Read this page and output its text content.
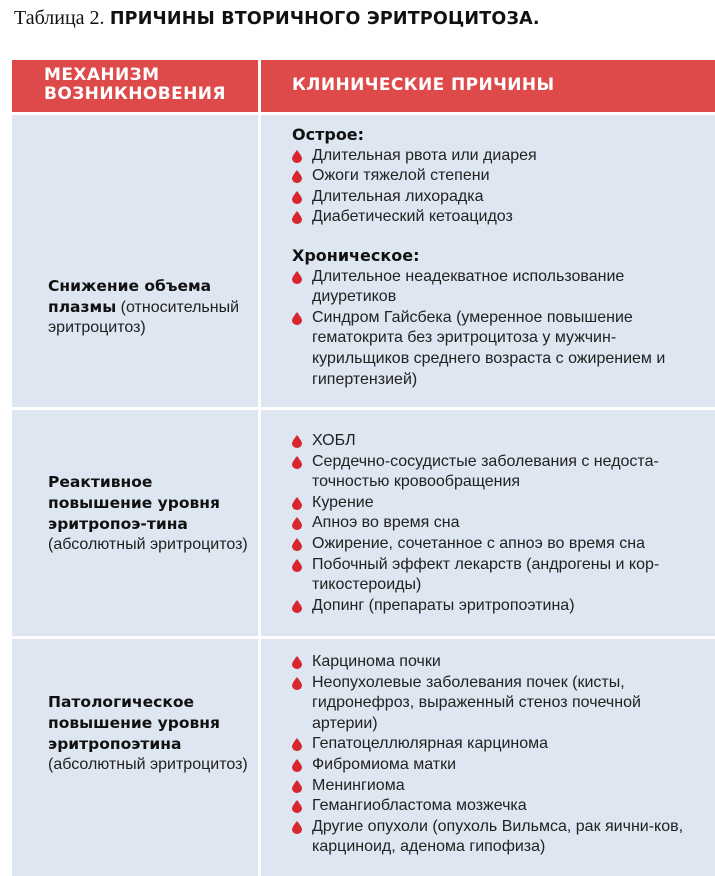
Таблица 2. ПРИЧИНЫ ВТОРИЧНОГО ЭРИТРОЦИТОЗА.
МЕХАНИЗМ
ВОЗНИКНОВЕНИЯ	КЛИНИЧЕСКИЕ ПРИЧИНЫ
Снижение объема плазмы (относительный эритроцитоз)
Острое:
Длительная рвота или диарея
Ожоги тяжелой степени
Длительная лихорадка
Диабетический кетоацидоз
Хроническое:
Длительное неадекватное использование диуретиков
Синдром Гайсбека (умеренное повышение гематокрита без эритроцитоза у мужчин-курильщиков среднего возраста с ожирением и гипертензией)
Реактивное повышение уровня эритропоэ-тина (абсолютный эритроцитоз)
ХОБЛ
Сердечно-сосудистые заболевания с недоста-точностью кровообращения
Курение
Апноэ во время сна
Ожирение, сочетанное с апноэ во время сна
Побочный эффект лекарств (андрогены и кор-тикостероиды)
Допинг (препараты эритропоэтина)
Патологическое повышение уровня эритропоэтина
(абсолютный эритроцитоз)
Карцинома почки
Неопухолевые заболевания почек (кисты, гидронефроз, выраженный стеноз почечной артерии)
Гепатоцеллюлярная карцинома
Фибромиома матки
Менингиома
Гемангиобластома мозжечка
Другие опухоли (опухоль Вильмса, рак яични-ков, карциноид, аденома гипофиза)
